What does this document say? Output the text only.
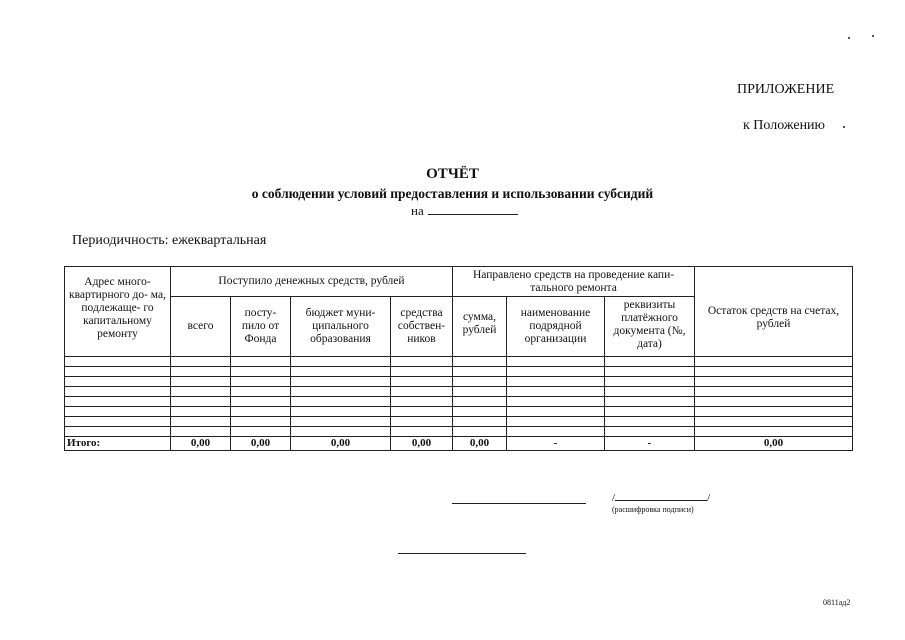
ПРИЛОЖЕНИЕ
к Положению
ОТЧЁТ
о соблюдении условий предоставления и использовании субсидий
на
Периодичность: ежеквартальная
Адрес много- квартирного до- ма, подлежаще- го капитальному ремонту	Поступило денежных средств, рублей				Направлено средств на проведение капи- тального ремонта			Остаток средств на счетах, рублей
	всего	посту- пило от Фонда	бюджет муни- ципального образования	средства собствен- ников	сумма, рублей	наименование подрядной организации	реквизиты платёжного документа (№, дата)	

Итого:	0,00	0,00	0,00	0,00	0,00	-	-	0,00
/	/
(расшифровка подписи)
0811ад2
